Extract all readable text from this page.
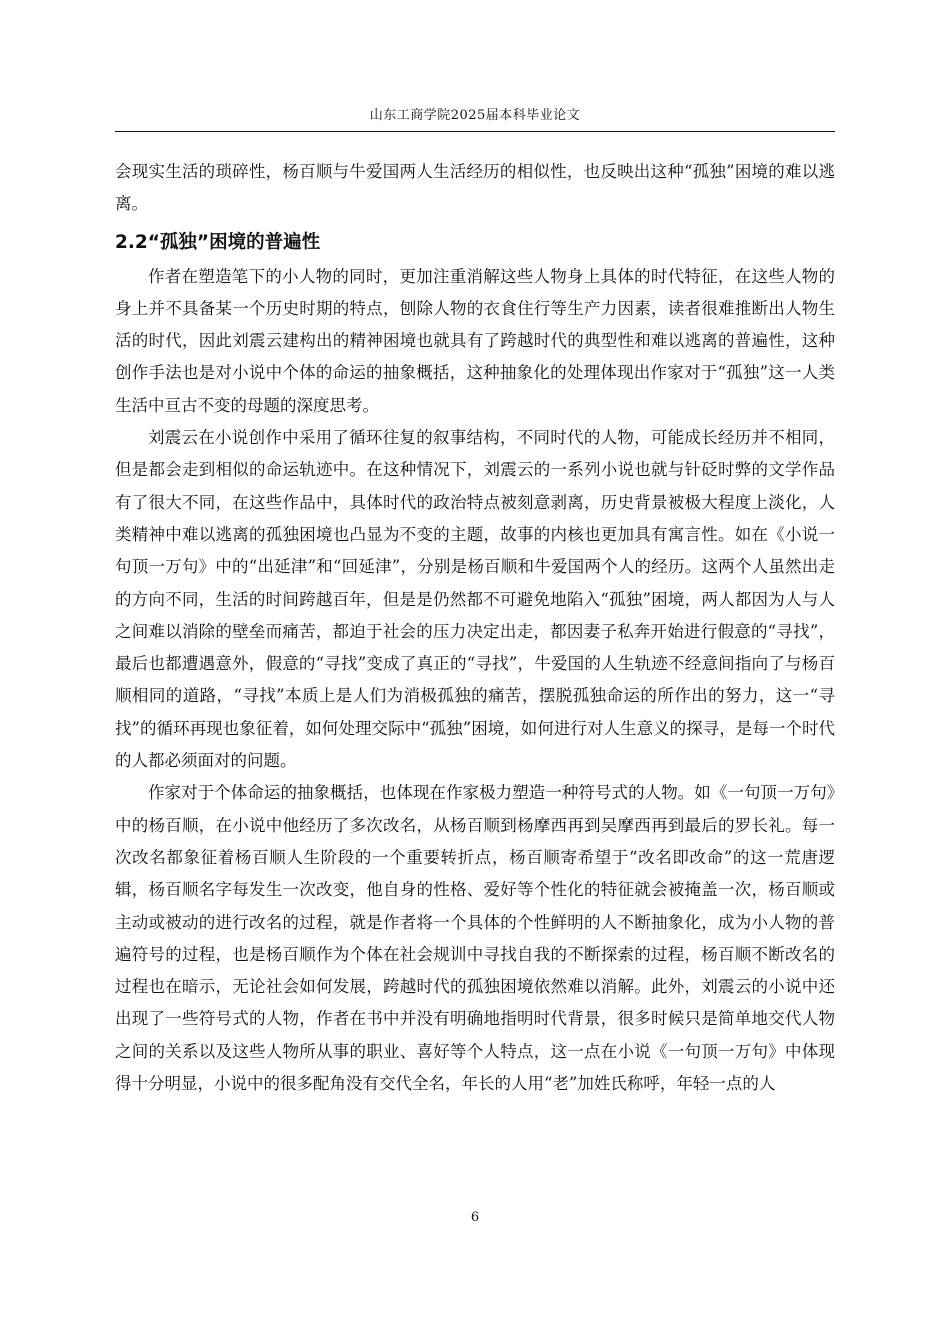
山东工商学院2025届本科毕业论文

会现实生活的琐碎性，杨百顺与牛爱国两人生活经历的相似性，也反映出这种“孤独”困境的难以逃离。

2.2“孤独”困境的普遍性

作者在塑造笔下的小人物的同时，更加注重消解这些人物身上具体的时代特征，在这些人物的身上并不具备某一个历史时期的特点，刨除人物的衣食住行等生产力因素，读者很难推断出人物生活的时代，因此刘震云建构出的精神困境也就具有了跨越时代的典型性和难以逃离的普遍性，这种创作手法也是对小说中个体的命运的抽象概括，这种抽象化的处理体现出作家对于“孤独”这一人类生活中亘古不变的母题的深度思考。

刘震云在小说创作中采用了循环往复的叙事结构，不同时代的人物，可能成长经历并不相同，但是都会走到相似的命运轨迹中。在这种情况下，刘震云的一系列小说也就与针砭时弊的文学作品有了很大不同，在这些作品中，具体时代的政治特点被刻意剥离，历史背景被极大程度上淡化，人类精神中难以逃离的孤独困境也凸显为不变的主题，故事的内核也更加具有寓言性。如在《小说一句顶一万句》中的“出延津”和“回延津”，分别是杨百顺和牛爱国两个人的经历。这两个人虽然出走的方向不同，生活的时间跨越百年，但是是仍然都不可避免地陷入“孤独”困境，两人都因为人与人之间难以消除的壁垒而痛苦，都迫于社会的压力决定出走，都因妻子私奔开始进行假意的“寻找”，最后也都遭遇意外，假意的“寻找”变成了真正的“寻找”，牛爱国的人生轨迹不经意间指向了与杨百顺相同的道路，“寻找”本质上是人们为消极孤独的痛苦，摆脱孤独命运的所作出的努力，这一“寻找”的循环再现也象征着，如何处理交际中“孤独”困境，如何进行对人生意义的探寻，是每一个时代的人都必须面对的问题。

作家对于个体命运的抽象概括，也体现在作家极力塑造一种符号式的人物。如《一句顶一万句》中的杨百顺，在小说中他经历了多次改名，从杨百顺到杨摩西再到吴摩西再到最后的罗长礼。每一次改名都象征着杨百顺人生阶段的一个重要转折点，杨百顺寄希望于“改名即改命”的这一荒唐逻辑，杨百顺名字每发生一次改变，他自身的性格、爱好等个性化的特征就会被掩盖一次，杨百顺或主动或被动的进行改名的过程，就是作者将一个具体的个性鲜明的人不断抽象化，成为小人物的普遍符号的过程，也是杨百顺作为个体在社会规训中寻找自我的不断探索的过程，杨百顺不断改名的过程也在暗示，无论社会如何发展，跨越时代的孤独困境依然难以消解。此外，刘震云的小说中还出现了一些符号式的人物，作者在书中并没有明确地指明时代背景，很多时候只是简单地交代人物之间的关系以及这些人物所从事的职业、喜好等个人特点，这一点在小说《一句顶一万句》中体现得十分明显，小说中的很多配角没有交代全名，年长的人用“老”加姓氏称呼，年轻一点的人

6
